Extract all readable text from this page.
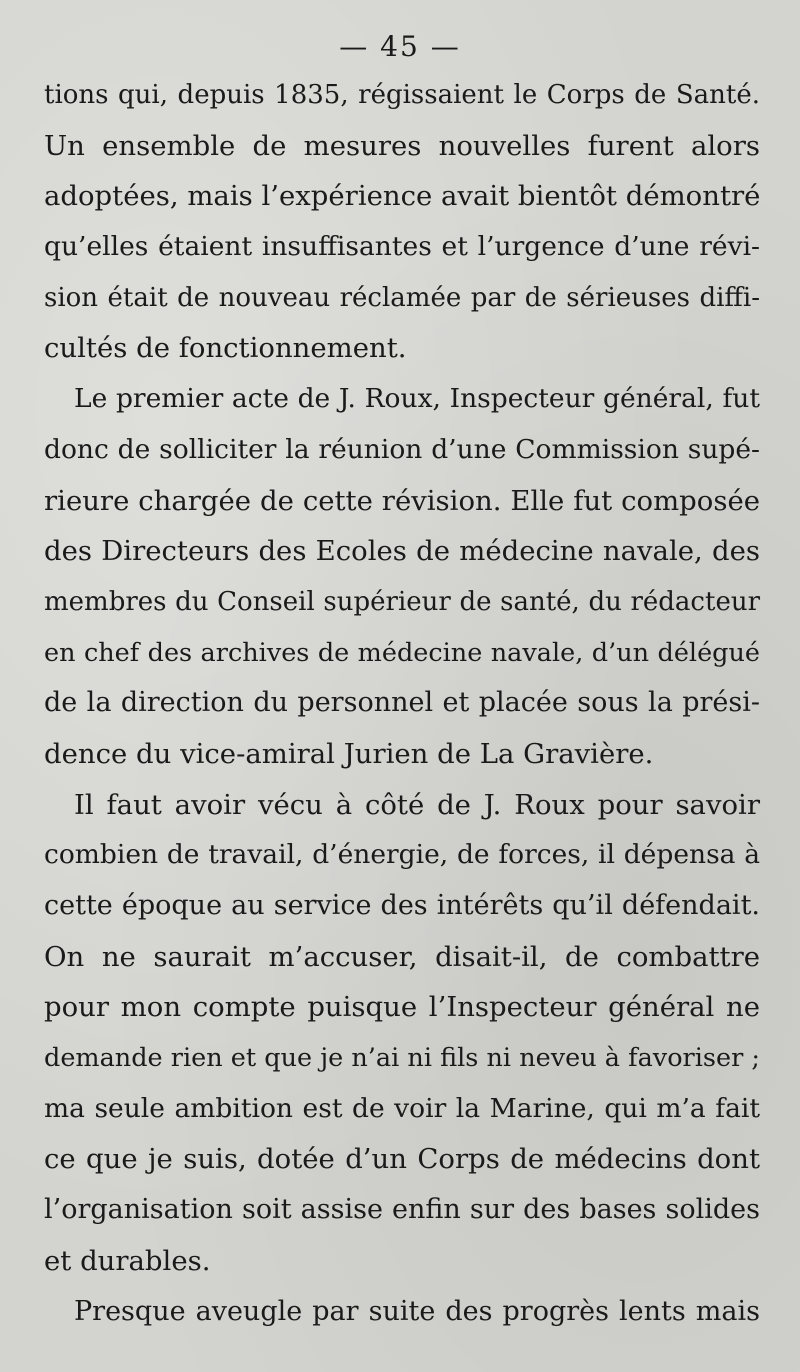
— 45 —
tions qui, depuis 1835, régissaient le Corps de Santé.
Un ensemble de mesures nouvelles furent alors
adoptées, mais l’expérience avait bientôt démontré
qu’elles étaient insuffisantes et l’urgence d’une révi-
sion était de nouveau réclamée par de sérieuses diffi-
cultés de fonctionnement.
Le premier acte de J. Roux, Inspecteur général, fut
donc de solliciter la réunion d’une Commission supé-
rieure chargée de cette révision. Elle fut composée
des Directeurs des Ecoles de médecine navale, des
membres du Conseil supérieur de santé, du rédacteur
en chef des archives de médecine navale, d’un délégué
de la direction du personnel et placée sous la prési-
dence du vice-amiral Jurien de La Gravière.
Il faut avoir vécu à côté de J. Roux pour savoir
combien de travail, d’énergie, de forces, il dépensa à
cette époque au service des intérêts qu’il défendait.
On ne saurait m’accuser, disait-il, de combattre
pour mon compte puisque l’Inspecteur général ne
demande rien et que je n’ai ni fils ni neveu à favoriser ;
ma seule ambition est de voir la Marine, qui m’a fait
ce que je suis, dotée d’un Corps de médecins dont
l’organisation soit assise enfin sur des bases solides
et durables.
Presque aveugle par suite des progrès lents mais
